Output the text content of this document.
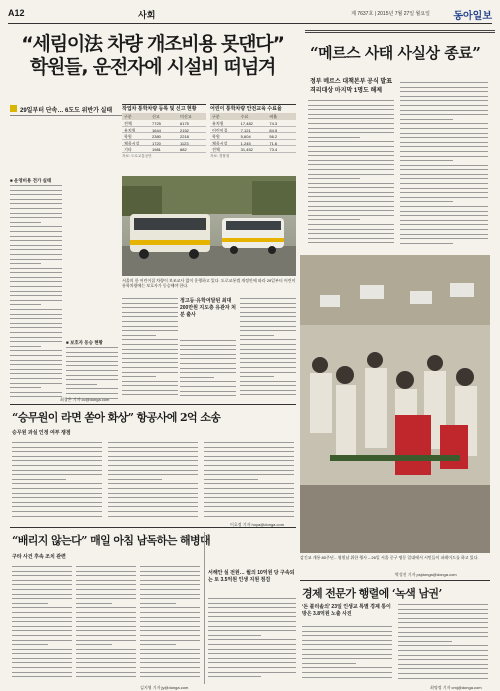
A12	사회	제 7637호 | 2015년 7월 27일 월요일 동아일보
“세림이法 차량 개조비용 못댄다”
학원들, 운전자에 시설비 떠넘겨
29일부터 단속… 6도도 위반가 실태
■ 운영비용 전가 실태
■ 보호자 동승 현황
작업차 통학차량 등록 및 신고 현황
구분	신고	미신고
전체	7725	6175
유치원	1644	2152
학원	2380	2218
체육시설	1720	1123
기타	1981	682
자료: 도로교통공단
어린이 통학차량 안전교육 수료율
구분	수료	비율
유치원	17,482	74.3
어린이집	7,121	84.5
학원	5,604	56.2
체육시설	1,245	71.6
전체	31,452	73.4
자료: 경찰청
서울의 한 어린이집 차량이 보조교사 없이 운행하고 있다. 도로교통법 개정안에 따라 29일부터 어린이 통학차량에는 보호자가 동승해야 한다.
정고등·유학여달된 최대 200만원 지도층 유관자 처분 출사
“메르스 사태 사실상 종료”
정부 메르스 대책본부 공식 발표
격리대상 마지막 1명도 해제
감긴교 개통 80주년…영원남 위한 행사 – 26일 서울 중구 명동 일대에서 시민들이 퍼레이드를 하고 있다.
박성진 기자 psjdonga@donga.com
“승무원이 라면 쏟아 화상” 항공사에 2억 소송
승무원 과실 인정 여부 쟁점
“배리지 않는다” 매일 아침 남독하는 해병대
구타 사건 후속 조치 관련
서해안 실 전원… 월의 10억원 당 구속되는 토 3.5억원 인생 지원 점검
경제 전문가 행렬에 ‘녹색 남권’
‘돈 불리솔의’ 23일 인생교 특별 경제 통이방은 3.8억원 노출 사진
최창은 기자 cc@donga.com
이호정 기자 hoya@donga.com
김지영 기자 jy@donga.com	최명정 기자 cmj@donga.com
